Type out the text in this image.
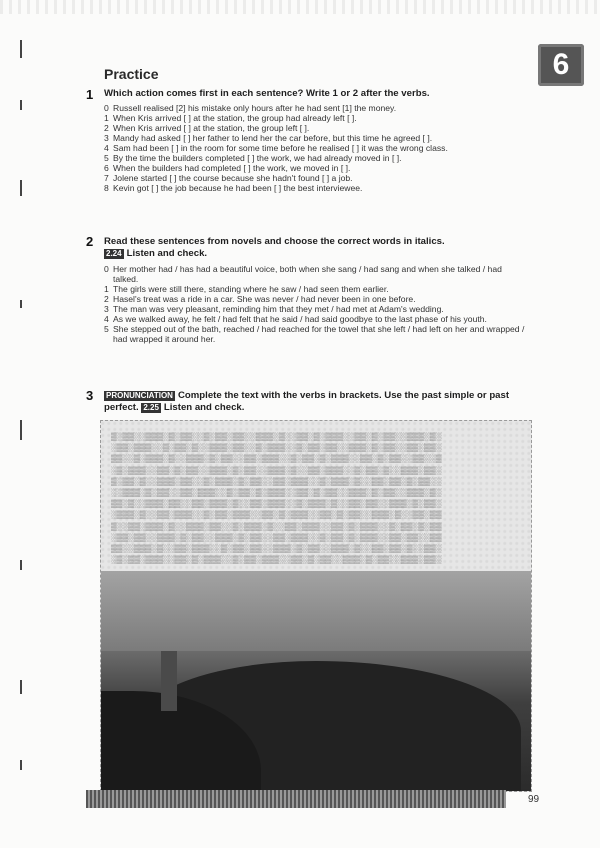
6
Practice
1 Which action comes first in each sentence? Write 1 or 2 after the verbs.
0 Russell realised [2] his mistake only hours after he had sent [1] the money.
1 When Kris arrived [ ] at the station, the group had already left [ ].
2 When Kris arrived [ ] at the station, the group left [ ].
3 Mandy had asked [ ] her father to lend her the car before, but this time he agreed [ ].
4 Sam had been [ ] in the room for some time before he realised [ ] it was the wrong class.
5 By the time the builders completed [ ] the work, we had already moved in [ ].
6 When the builders had completed [ ] the work, we moved in [ ].
7 Jolene started [ ] the course because she hadn't found [ ] a job.
8 Kevin got [ ] the job because he had been [ ] the best interviewee.
2 Read these sentences from novels and choose the correct words in italics.
2.24 Listen and check.
0 Her mother had / has had a beautiful voice, both when she sang / had sang and when she talked / had talked.
1 The girls were still there, standing where he saw / had seen them earlier.
2 Hasel's treat was a ride in a car. She was never / had never been in one before.
3 The man was very pleasant, reminding him that they met / had met at Adam's wedding.
4 As we walked away, he felt / had felt that he said / had said goodbye to the last phase of his youth.
5 She stepped out of the bath, reached / had reached for the towel that she left / had left on her and wrapped / had wrapped it around her.
3 PRONUNCIATION Complete the text with the verbs in brackets. Use the past simple or past perfect. 2.25 Listen and check.
▒░▒▒░░▒▒▒░▒░▒▒░░▒░▒▒░▒▒░░▒▒▒░▒░░▒▒░▒░▒▒▒░░▒▒░▒░▒▒░░▒▒▒░▒░
░▒▒░▒▒▒░░▒░▒▒░▒░░▒▒▒░▒▒░░▒░▒▒▒░░▒░▒▒░▒▒░░▒▒▒░▒░▒▒░░▒▒░▒▒░
▒▒░░▒░▒▒▒░▒░░▒▒▒░▒░▒▒░░▒▒░▒▒▒░░▒░▒▒░▒░▒▒▒░░▒▒░▒░▒▒░░▒▒░░▒
░▒░▒▒▒░░▒▒░▒░▒▒░░▒▒▒░▒░▒▒░░▒▒▒░▒░░▒▒░▒▒▒░░▒░▒▒░▒░░▒▒▒░▒▒░
▒░▒▒░▒░░▒▒▒░▒▒░░▒░▒▒▒░▒░▒▒░░▒▒░▒▒▒░░▒░▒▒▒░▒░░▒▒░▒▒░▒░▒▒░░
░░▒▒▒░▒░▒▒░░▒▒░▒▒▒░░▒░▒▒░▒░▒▒▒░░▒▒░▒░▒▒░░▒▒▒░▒░▒▒░░▒▒▒░▒░
▒▒░▒░░▒▒▒░▒▒░░▒▒░▒▒▒░▒░░▒▒░▒▒▒░░▒░▒▒▒░▒░░▒▒░▒▒░░▒▒▒░▒░▒▒░
░▒▒▒░▒░░▒▒░▒▒▒░░▒░▒▒░▒▒▒░░▒▒░▒░▒▒▒░░▒▒░▒░▒▒░░▒▒▒░▒░░▒▒░▒▒
▒░░▒▒░▒▒▒░▒░░▒▒▒░▒▒░░▒░▒▒▒░▒░░▒▒░▒▒▒░░▒▒░▒░▒▒▒░░▒░▒▒░▒░▒▒
░▒▒░▒▒░░▒▒▒░▒░▒▒░░▒▒▒░▒░▒▒░░▒▒░▒▒▒░░▒░▒▒░▒░▒▒▒░░▒▒░▒▒░░▒▒
▒▒░░▒▒▒░▒░░▒▒░▒▒▒░░▒░▒▒░▒▒░░▒▒▒░▒░▒▒░░▒▒▒░▒░░▒▒░▒▒░▒░░▒▒░
░▒░▒▒░▒▒▒░░▒▒░▒░▒▒▒░░▒░▒▒░▒▒▒░░▒▒░▒░▒▒░░▒▒▒░▒░▒▒░░▒▒▒░▒▒░
99
